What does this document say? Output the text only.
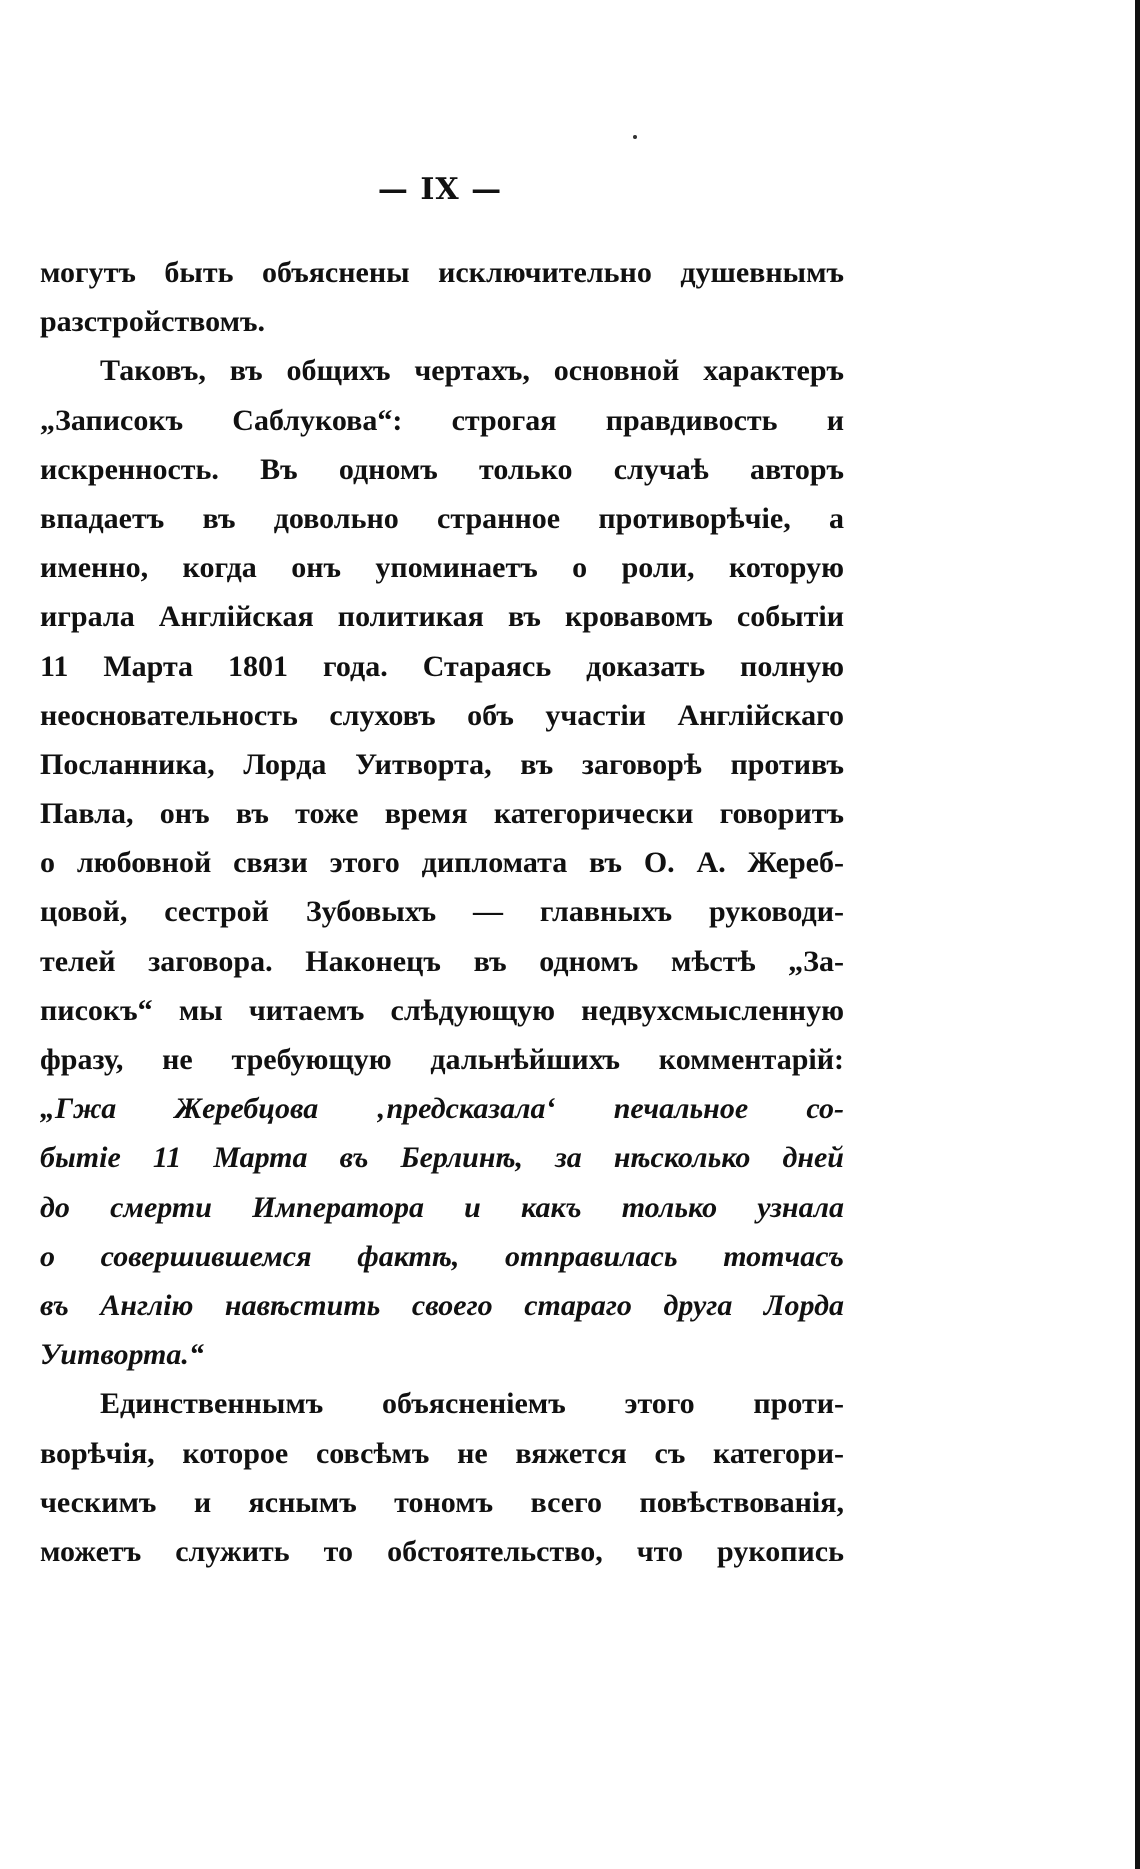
— IX —
могутъ быть объяснены исключительно душевнымъ
разстройствомъ.
Таковъ, въ общихъ чертахъ, основной характеръ
„Записокъ Саблукова“: строгая правдивость и
искренность. Въ одномъ только случаѣ авторъ
впадаетъ въ довольно странное противорѣчіе, а
именно, когда онъ упоминаетъ о роли, которую
играла Англійская политикая въ кровавомъ событіи
11 Марта 1801 года. Стараясь доказать полную
неосновательность слуховъ объ участіи Англійскаго
Посланника, Лорда Уитворта, въ заговорѣ противъ
Павла, онъ въ тоже время категорически говоритъ
о любовной связи этого дипломата въ О. А. Жереб-
цовой, сестрой Зубовыхъ — главныхъ руководи-
телей заговора. Наконецъ въ одномъ мѣстѣ „За-
писокъ“ мы читаемъ слѣдующую недвухсмысленную
фразу, не требующую дальнѣйшихъ комментарій:
„Гжа Жеребцова ‚предсказала‘ печальное со-
бытіе 11 Марта въ Берлинѣ, за нѣсколько дней
до смерти Императора и какъ только узнала
о совершившемся фактѣ, отправилась тотчасъ
въ Англію навѣстить своего стараго друга Лорда
Уитворта.“
Единственнымъ объясненіемъ этого проти-
ворѣчія, которое совсѣмъ не вяжется съ категори-
ческимъ и яснымъ тономъ всего повѣствованія,
можетъ служить то обстоятельство, что рукопись
